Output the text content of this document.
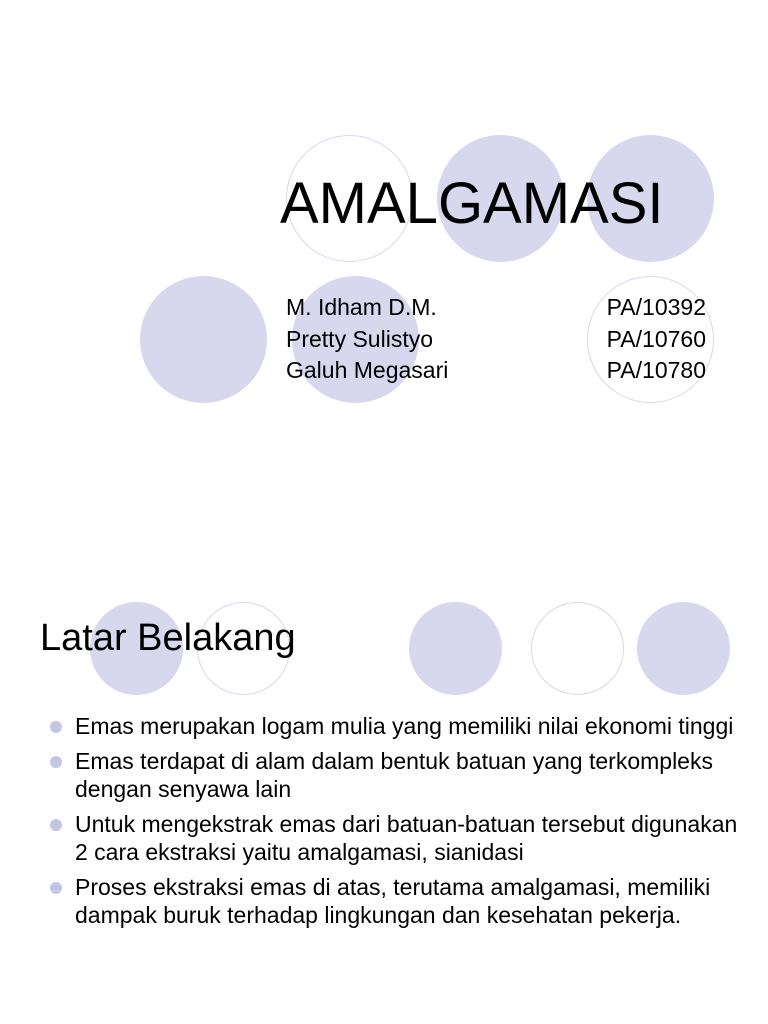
AMALGAMASI
M. Idham D.M.	PA/10392
Pretty Sulistyo	PA/10760
Galuh Megasari	PA/10780
Latar Belakang
Emas merupakan logam mulia yang memiliki nilai ekonomi tinggi
Emas terdapat di alam dalam bentuk batuan yang terkompleks dengan senyawa lain
Untuk mengekstrak emas dari batuan-batuan tersebut digunakan 2 cara ekstraksi yaitu amalgamasi, sianidasi
Proses ekstraksi emas di atas, terutama amalgamasi, memiliki dampak buruk terhadap lingkungan dan kesehatan pekerja.
